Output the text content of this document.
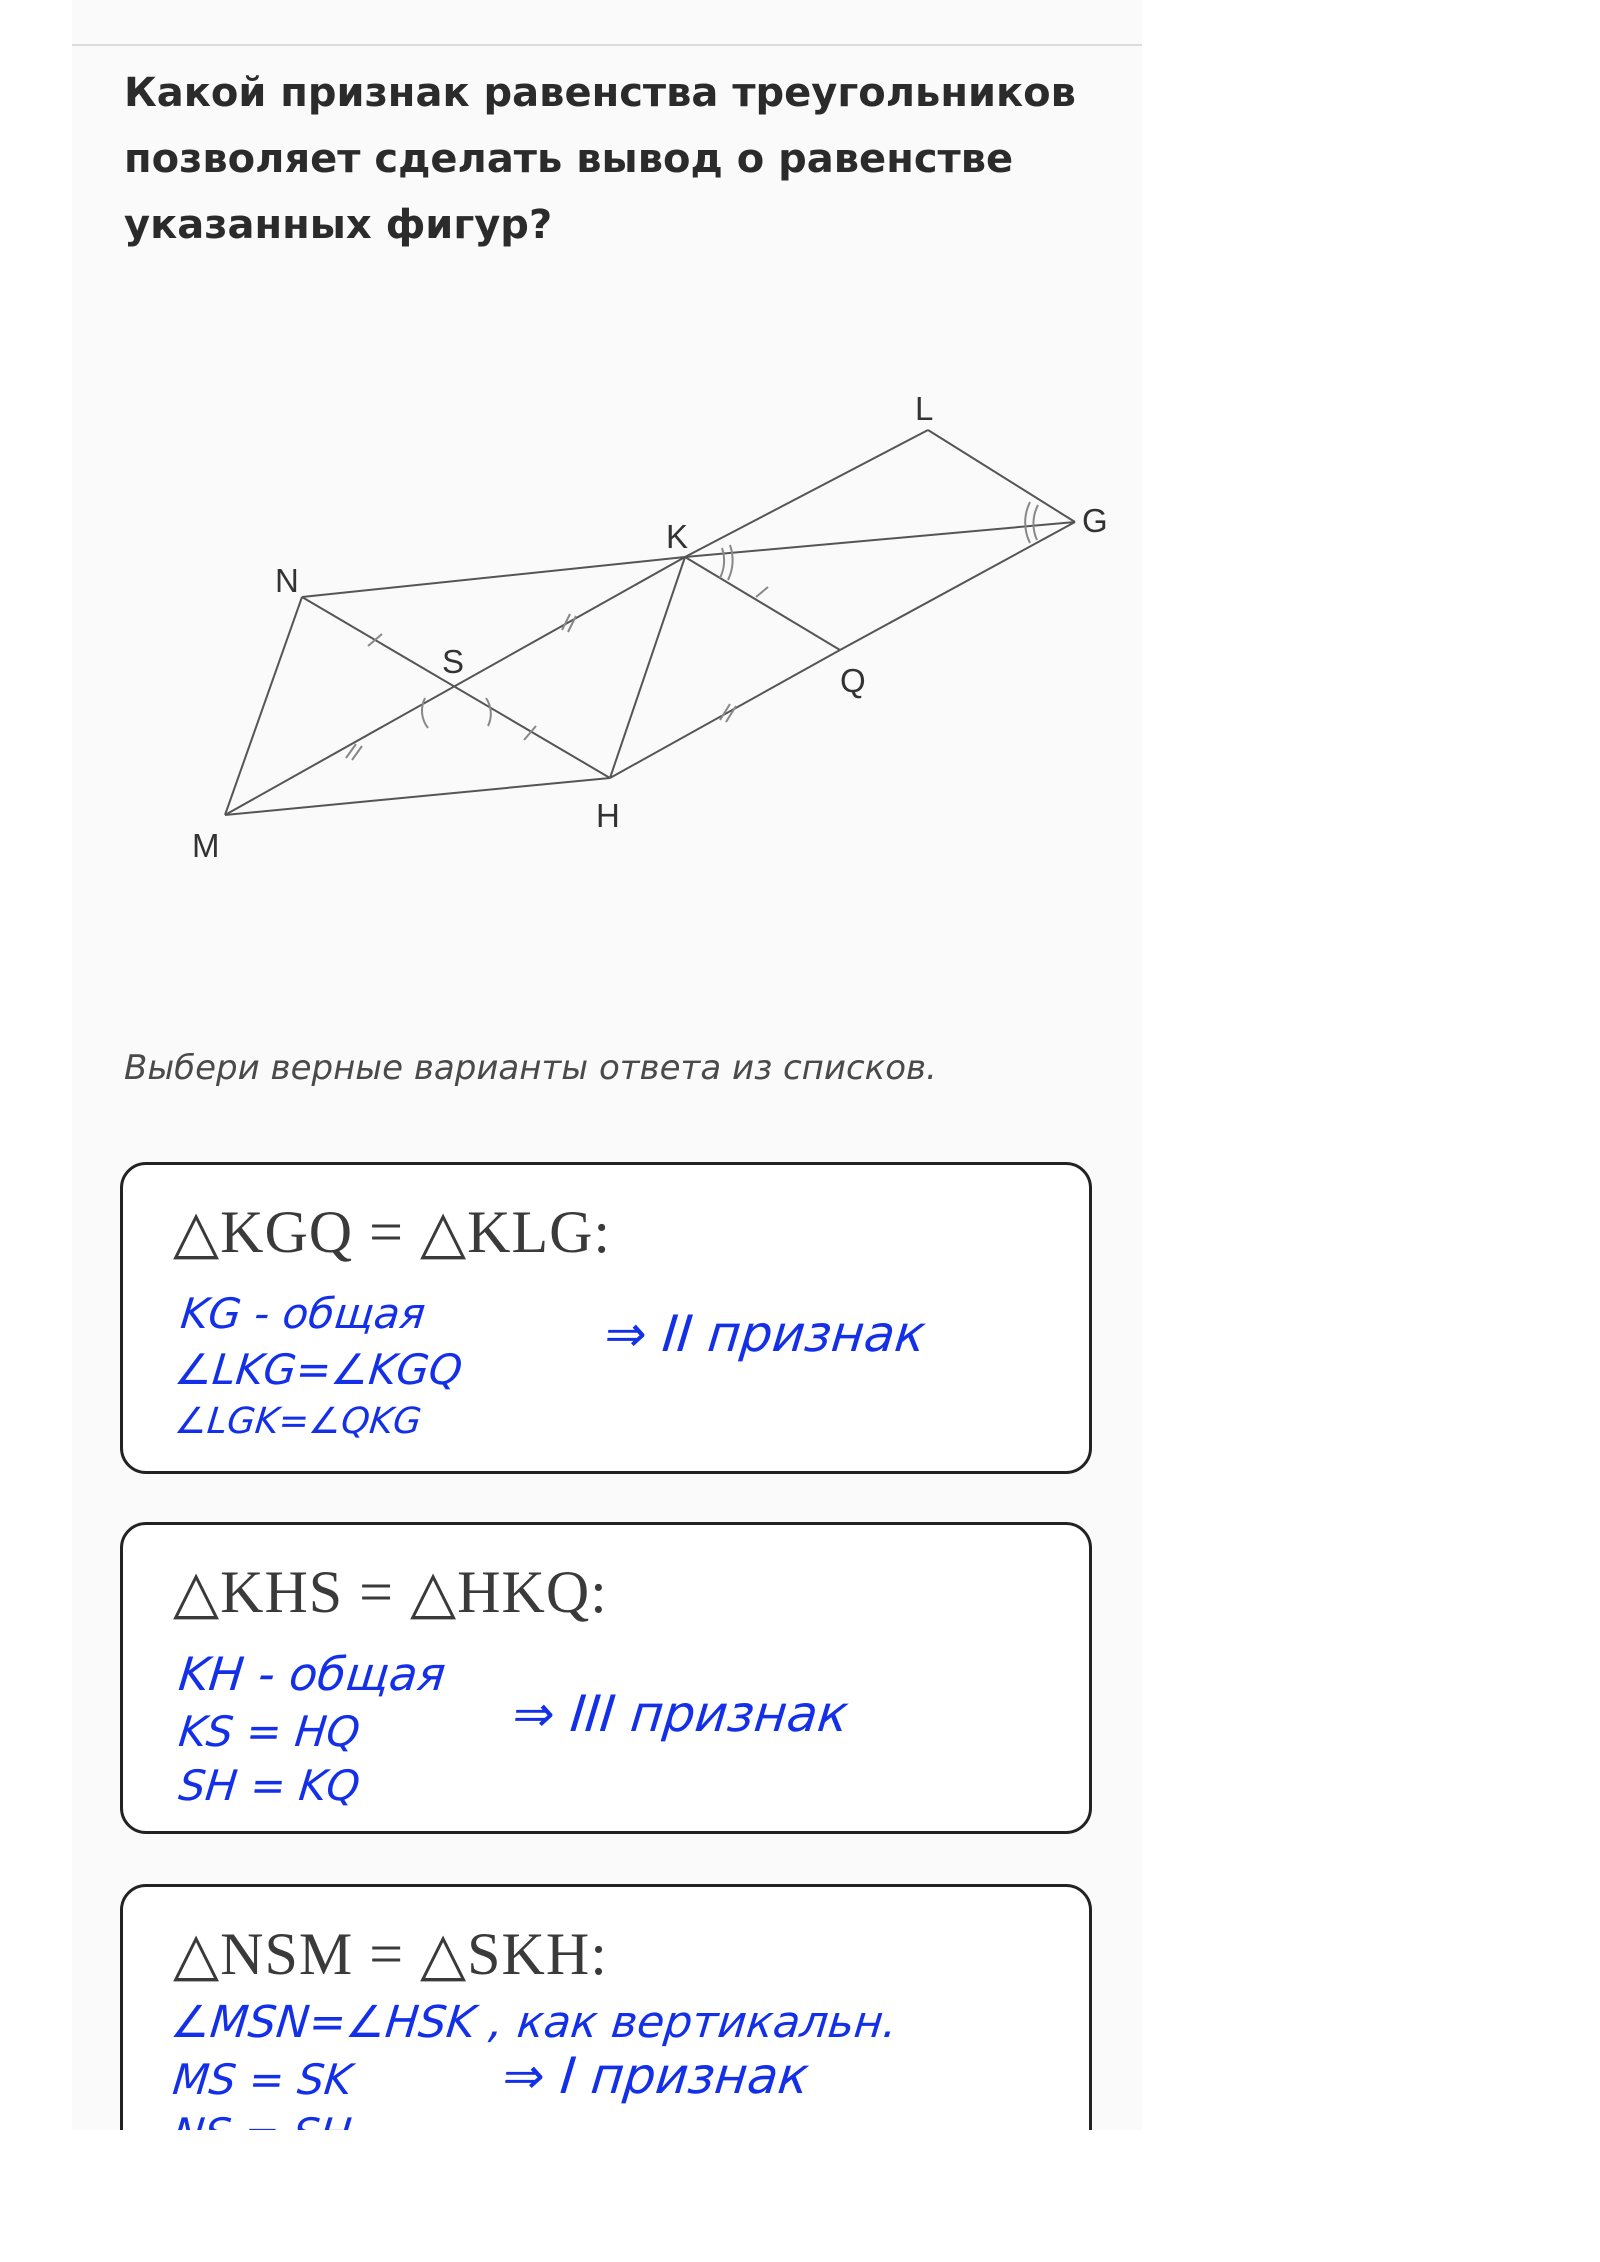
Какой признак равенства треугольников
позволяет сделать вывод о равенстве
указанных фигур?
L
G
K
N
S
Q
H
M
Выбери верные варианты ответа из списков.
△KGQ = △KLG:
KG - общая
∠LKG=∠KGQ
∠LGK=∠QKG
⇒ II признак
△KHS = △HKQ:
KH - общая
KS = HQ
SH = KQ
⇒ III признак
△NSM = △SKH:
∠MSN=∠HSK , как вертикальн.
MS = SK	⇒ I признак
